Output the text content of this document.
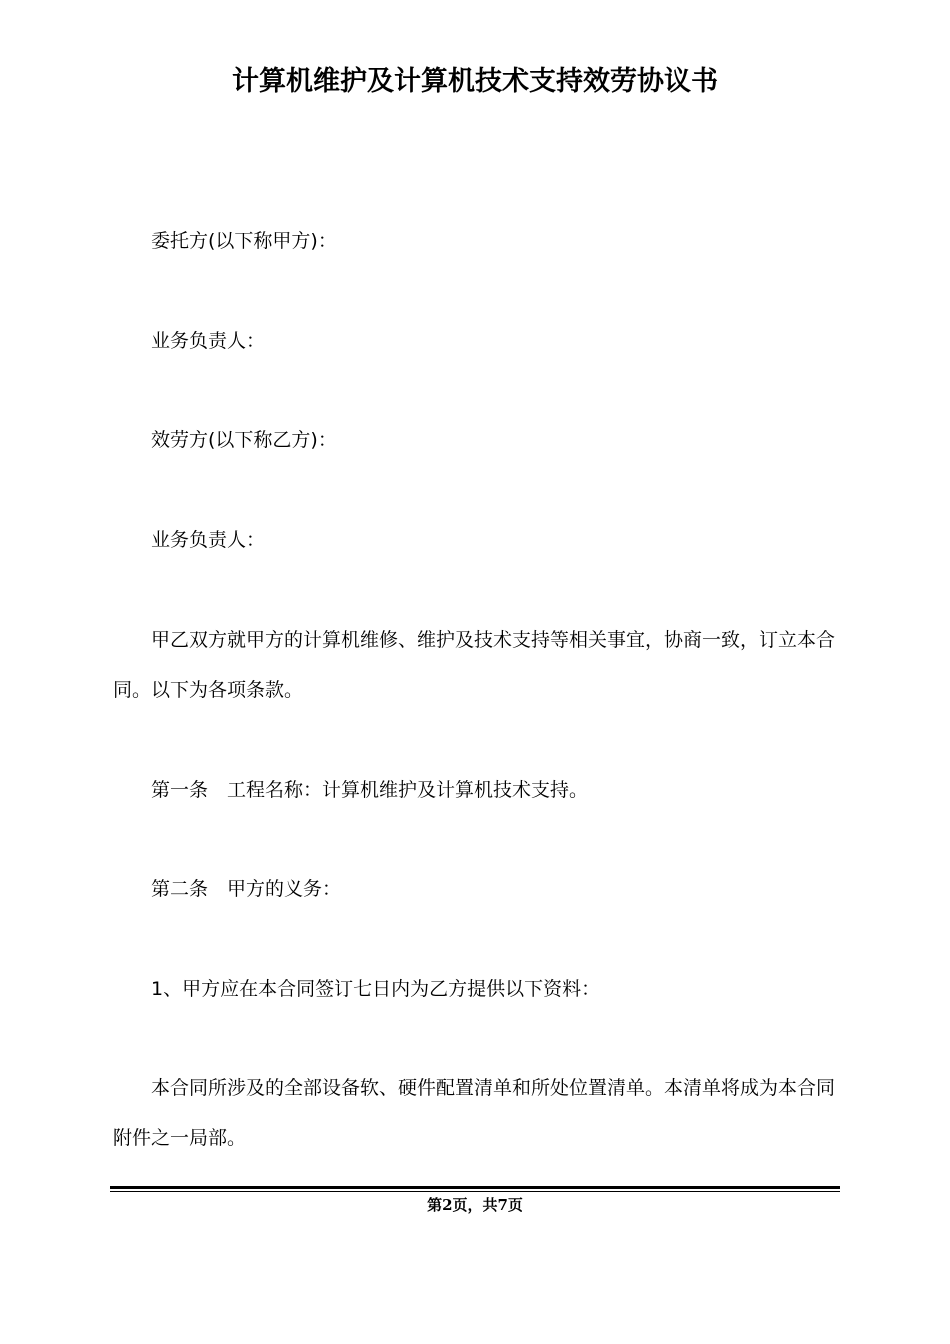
计算机维护及计算机技术支持效劳协议书

委托方(以下称甲方)：

业务负责人：

效劳方(以下称乙方)：

业务负责人：

甲乙双方就甲方的计算机维修、维护及技术支持等相关事宜，协商一致，订立本合同。以下为各项条款。

第一条　工程名称：计算机维护及计算机技术支持。

第二条　甲方的义务：

1、甲方应在本合同签订七日内为乙方提供以下资料：

本合同所涉及的全部设备软、硬件配置清单和所处位置清单。本清单将成为本合同附件之一局部。

第2页，共7页
